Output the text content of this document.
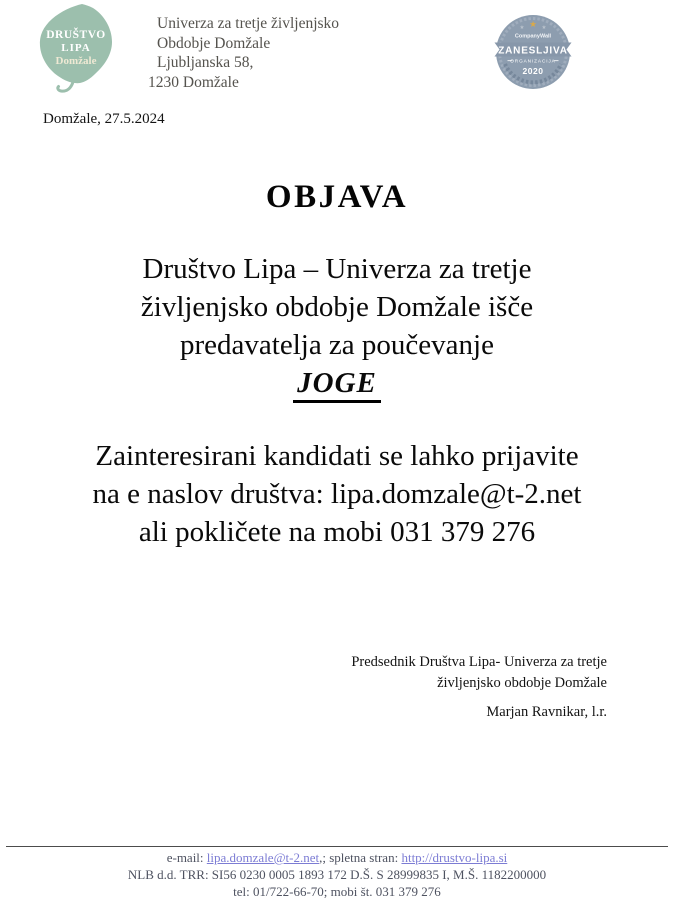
DRUŠTVO
LIPA
Domžale
Univerza za tretje življenjsko
Obdobje Domžale
Ljubljanska 58,
1230 Domžale
★ ★ ★
CompanyWall
ZANESLJIVA
ORGANIZACIJA
2020
Domžale, 27.5.2024
OBJAVA
Društvo Lipa – Univerza za tretje
življenjsko obdobje Domžale išče
predavatelja za poučevanje
JOGE
Zainteresirani kandidati se lahko prijavite
na e naslov društva: lipa.domzale@t-2.net
ali pokličete na mobi 031 379 276
Predsednik Društva Lipa- Univerza za tretje
življenjsko obdobje Domžale
Marjan Ravnikar, l.r.
e-mail: lipa.domzale@t-2.net,; spletna stran: http://drustvo-lipa.si
NLB d.d. TRR: SI56 0230 0005 1893 172 D.Š. S 28999835 I, M.Š. 1182200000
tel: 01/722-66-70; mobi št. 031 379 276
